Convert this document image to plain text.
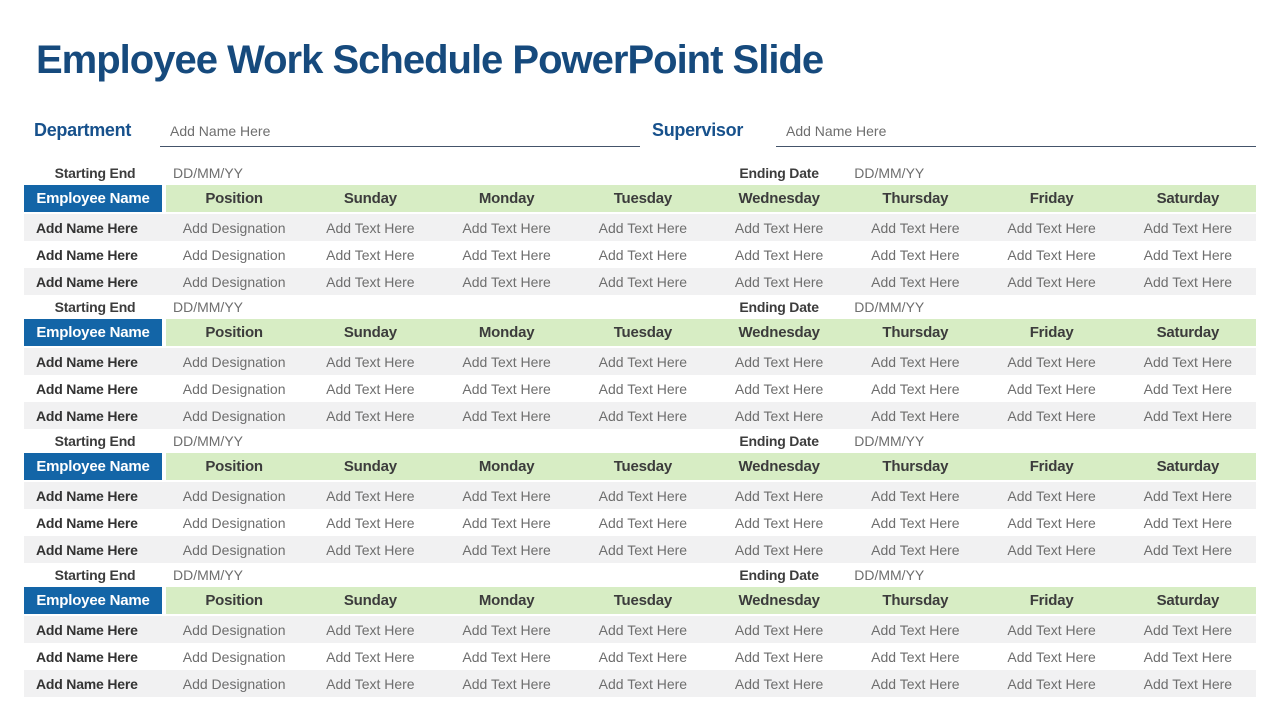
Employee Work Schedule PowerPoint Slide
Department	Add Name Here	Supervisor	Add Name Here
Starting End	DD/MM/YY	Ending Date	DD/MM/YY
Employee Name	Position	Sunday	Monday	Tuesday	Wednesday	Thursday	Friday	Saturday
Add Name Here	Add Designation	Add Text Here	Add Text Here	Add Text Here	Add Text Here	Add Text Here	Add Text Here	Add Text Here
Add Name Here	Add Designation	Add Text Here	Add Text Here	Add Text Here	Add Text Here	Add Text Here	Add Text Here	Add Text Here
Add Name Here	Add Designation	Add Text Here	Add Text Here	Add Text Here	Add Text Here	Add Text Here	Add Text Here	Add Text Here
Starting End	DD/MM/YY	Ending Date	DD/MM/YY
Employee Name	Position	Sunday	Monday	Tuesday	Wednesday	Thursday	Friday	Saturday
Add Name Here	Add Designation	Add Text Here	Add Text Here	Add Text Here	Add Text Here	Add Text Here	Add Text Here	Add Text Here
Add Name Here	Add Designation	Add Text Here	Add Text Here	Add Text Here	Add Text Here	Add Text Here	Add Text Here	Add Text Here
Add Name Here	Add Designation	Add Text Here	Add Text Here	Add Text Here	Add Text Here	Add Text Here	Add Text Here	Add Text Here
Starting End	DD/MM/YY	Ending Date	DD/MM/YY
Employee Name	Position	Sunday	Monday	Tuesday	Wednesday	Thursday	Friday	Saturday
Add Name Here	Add Designation	Add Text Here	Add Text Here	Add Text Here	Add Text Here	Add Text Here	Add Text Here	Add Text Here
Add Name Here	Add Designation	Add Text Here	Add Text Here	Add Text Here	Add Text Here	Add Text Here	Add Text Here	Add Text Here
Add Name Here	Add Designation	Add Text Here	Add Text Here	Add Text Here	Add Text Here	Add Text Here	Add Text Here	Add Text Here
Starting End	DD/MM/YY	Ending Date	DD/MM/YY
Employee Name	Position	Sunday	Monday	Tuesday	Wednesday	Thursday	Friday	Saturday
Add Name Here	Add Designation	Add Text Here	Add Text Here	Add Text Here	Add Text Here	Add Text Here	Add Text Here	Add Text Here
Add Name Here	Add Designation	Add Text Here	Add Text Here	Add Text Here	Add Text Here	Add Text Here	Add Text Here	Add Text Here
Add Name Here	Add Designation	Add Text Here	Add Text Here	Add Text Here	Add Text Here	Add Text Here	Add Text Here	Add Text Here
